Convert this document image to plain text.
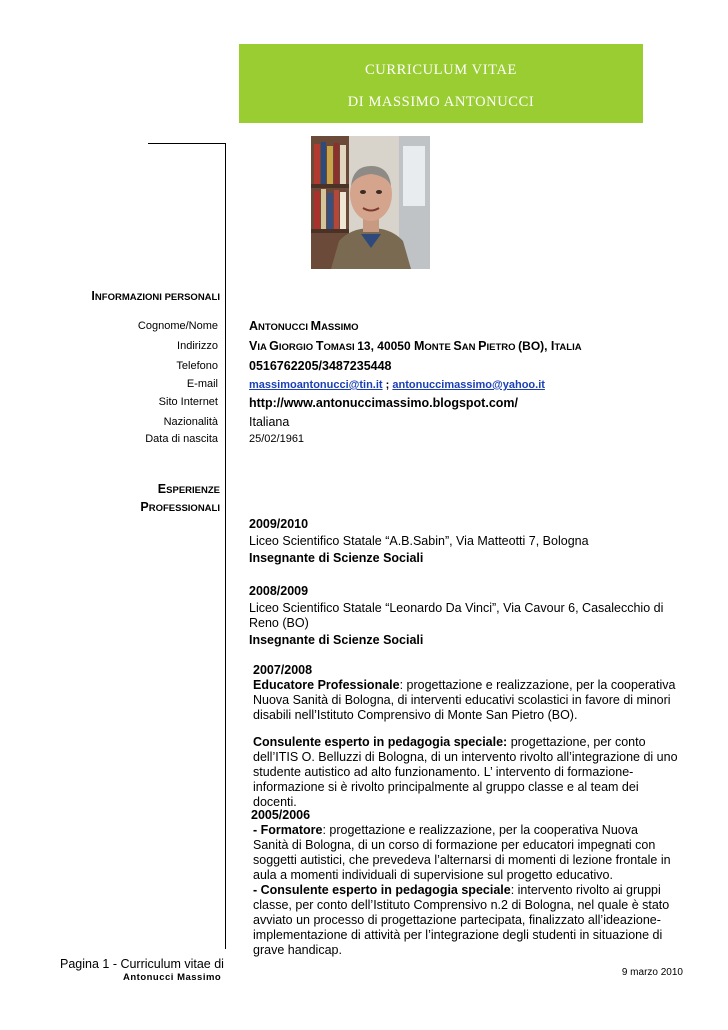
CURRICULUM VITAE
DI MASSIMO ANTONUCCI
INFORMAZIONI PERSONALI
Cognome/Nome ANTONUCCI MASSIMO
Indirizzo VIA GIORGIO TOMASI 13, 40050 MONTE SAN PIETRO (BO), ITALIA
Telefono 0516762205/3487235448
E-mail	massimoantonucci@tin.it ; antonuccimassimo@yahoo.it
Sito Internet http://www.antonuccimassimo.blogspot.com/
Nazionalità Italiana
Data di nascita	25/02/1961
ESPERIENZE
PROFESSIONALI

2009/2010

Liceo Scientifico Statale “A.B.Sabin”, Via Matteotti 7, Bologna

Insegnante di Scienze Sociali

2008/2009

Liceo Scientifico Statale “Leonardo Da Vinci”, Via Cavour 6, Casalecchio di

Reno (BO)

Insegnante di Scienze Sociali

2007/2008

Educatore Professionale: progettazione e realizzazione, per la cooperativa Nuova Sanità di Bologna, di interventi educativi scolastici in favore di minori disabili nell’Istituto Comprensivo di Monte San Pietro (BO).

Consulente esperto in pedagogia speciale: progettazione, per conto dell’ITIS O. Belluzzi di Bologna, di un intervento rivolto all’integrazione di uno studente autistico ad alto funzionamento. L’ intervento di formazione-informazione si è rivolto principalmente al gruppo classe e al team dei docenti.

2005/2006

- Formatore: progettazione e realizzazione, per la cooperativa Nuova Sanità di Bologna, di un corso di formazione per educatori impegnati con soggetti autistici, che prevedeva l’alternarsi di momenti di lezione frontale in aula a momenti individuali di supervisione sul progetto educativo.

- Consulente esperto in pedagogia speciale: intervento rivolto ai gruppi classe, per conto dell’Istituto Comprensivo n.2 di Bologna, nel quale è stato avviato un processo di progettazione partecipata, finalizzato all’ideazione-implementazione di attività per l’integrazione degli studenti in situazione di grave handicap.

Pagina 1 - Curriculum vitae di
Antonucci Massimo	9 marzo 2010
